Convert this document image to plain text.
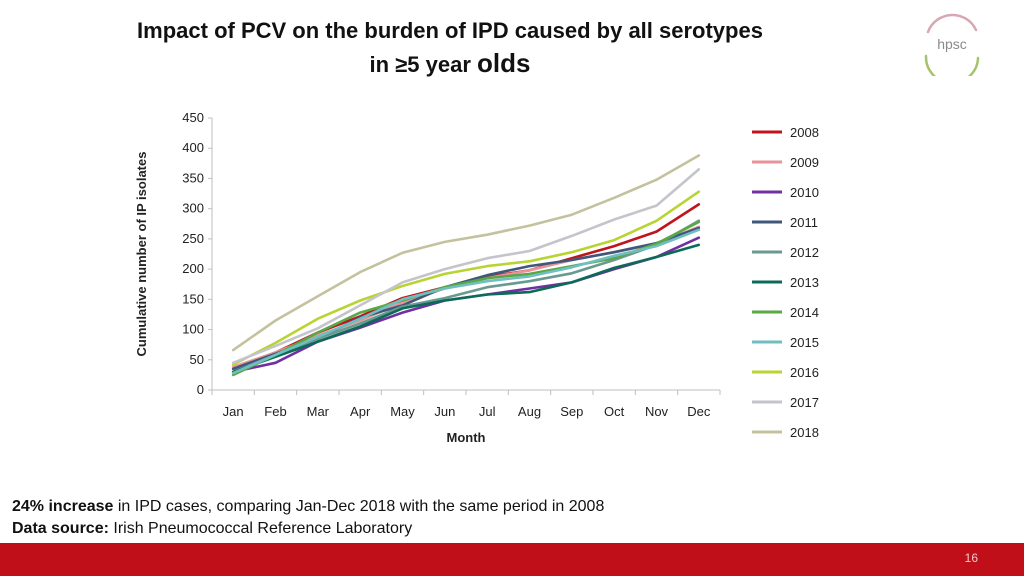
Impact of PCV on the burden of IPD caused by all serotypes
in ≥5 year olds
hpsc
0
50
100
150
200
250
300
350
400
450
Jan Feb Mar Apr May Jun Jul Aug Sep Oct Nov Dec
Month
Cumulative number of IP isolates
2008
2009
2010
2011
2012
2013
2014
2015
2016
2017
2018
24% increase in IPD cases, comparing Jan-Dec 2018 with the same period in 2008
Data source: Irish Pneumococcal Reference Laboratory
16
